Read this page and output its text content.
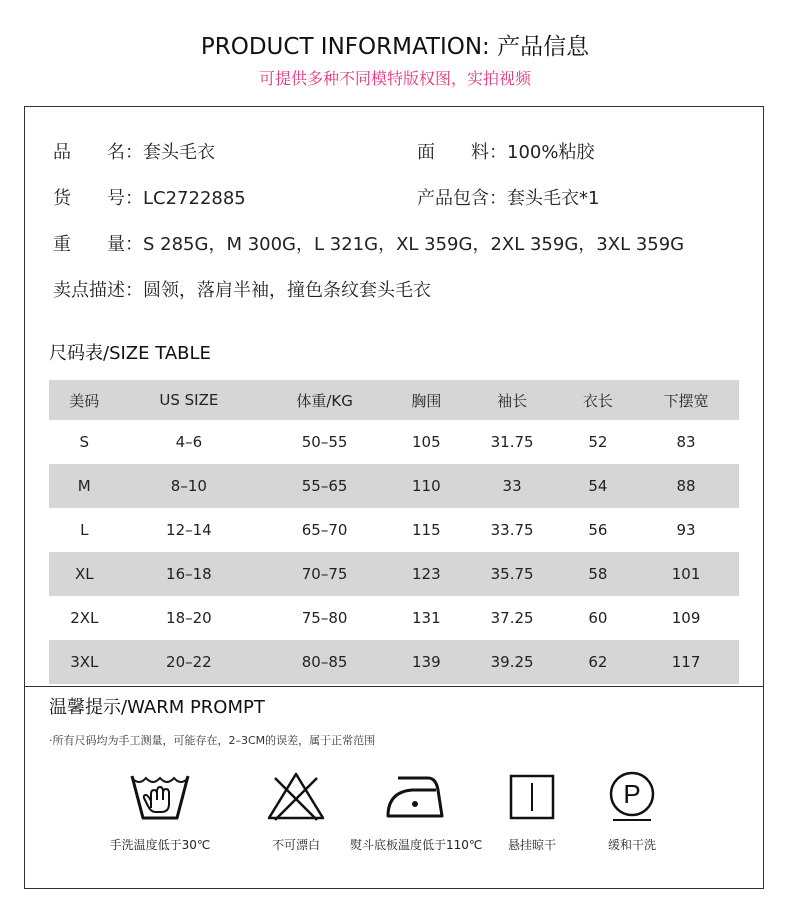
PRODUCT INFORMATION: 产品信息
可提供多种不同模特版权图，实拍视频
品　　名：套头毛衣	面　　料：100%粘胶
货　　号：LC2722885	产品包含：套头毛衣*1
重　　量：S 285G，M 300G，L 321G，XL 359G，2XL 359G，3XL 359G
卖点描述：圆领，落肩半袖，撞色条纹套头毛衣
尺码表/SIZE TABLE
美码	US SIZE	体重/KG	胸围	袖长	衣长	下摆宽
S	4–6	50–55	105	31.75	52	83
M	8–10	55–65	110	33	54	88
L	12–14	65–70	115	33.75	56	93
XL	16–18	70–75	123	35.75	58	101
2XL	18–20	75–80	131	37.25	60	109
3XL	20–22	80–85	139	39.25	62	117
温馨提示/WARM PROMPT
·所有尺码均为手工测量，可能存在，2–3CM的误差，属于正常范围
手洗温度低于30℃	不可漂白	熨斗底板温度低于110℃	悬挂晾干
P
缓和干洗
